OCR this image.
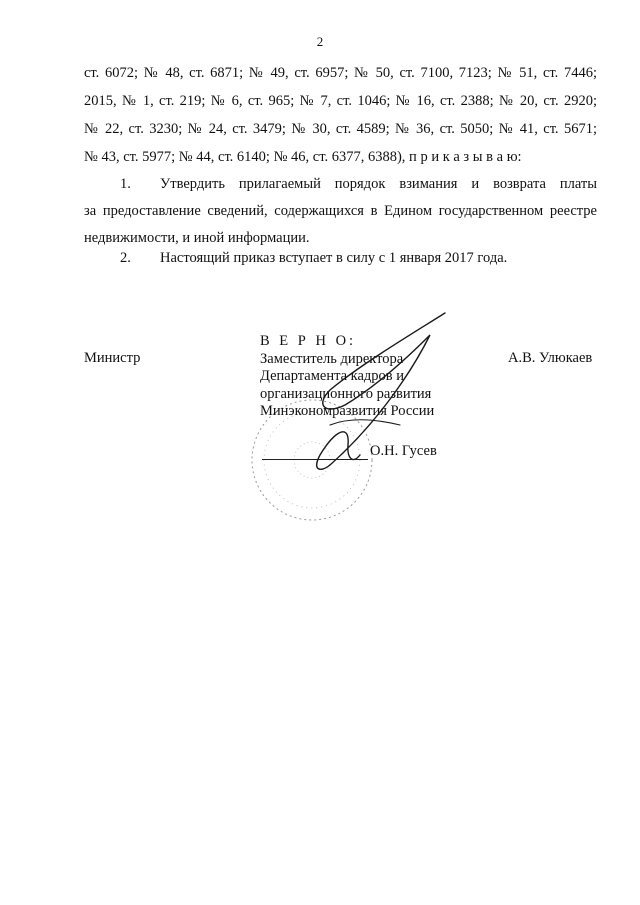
2
ст. 6072; № 48, ст. 6871; № 49, ст. 6957; № 50, ст. 7100, 7123; № 51, ст. 7446;
2015, № 1, ст. 219; № 6, ст. 965; № 7, ст. 1046; № 16, ст. 2388; № 20, ст. 2920;
№ 22, ст. 3230; № 24, ст. 3479; № 30, ст. 4589; № 36, ст. 5050; № 41, ст. 5671;
№ 43, ст. 5977; № 44, ст. 6140; № 46, ст. 6377, 6388), п р и к а з ы в а ю:
1. Утвердить прилагаемый порядок взимания и возврата платы
за предоставление сведений, содержащихся в Едином государственном реестре
недвижимости, и иной информации.
2. Настоящий приказ вступает в силу с 1 января 2017 года.
Министр	А.В. Улюкаев
В Е Р Н О:
Заместитель директора
Департамента кадров и
организационного развития
Минэкономразвития России
О.Н. Гусев
